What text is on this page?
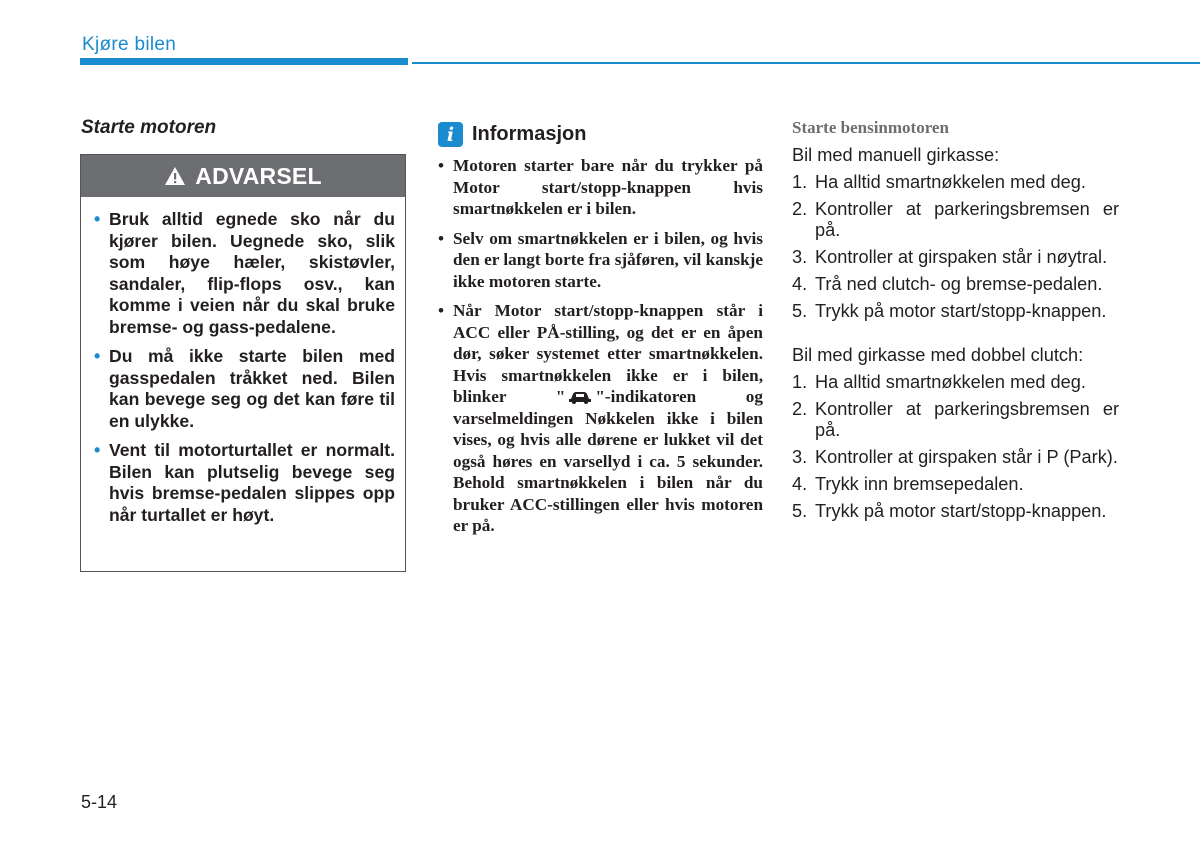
Kjøre bilen
Starte motoren
ADVARSEL
• Bruk alltid egnede sko når du kjører bilen. Uegnede sko, slik som høye hæler, skistøvler, sandaler, flip-flops osv., kan komme i veien når du skal bruke bremse- og gass-pedalene.
• Du må ikke starte bilen med gasspedalen tråkket ned. Bilen kan bevege seg og det kan føre til en ulykke.
• Vent til motorturtallet er normalt. Bilen kan plutselig bevege seg hvis bremse-pedalen slippes opp når turtallet er høyt.
i Informasjon
• Motoren starter bare når du trykker på Motor start/stopp-knappen hvis smartnøkkelen er i bilen.
• Selv om smartnøkkelen er i bilen, og hvis den er langt borte fra sjåføren, vil kanskje ikke motoren starte.
• Når Motor start/stopp-knappen står i ACC eller PÅ-stilling, og det er en åpen dør, søker systemet etter smartnøkkelen. Hvis smartnøkkelen ikke er i bilen, blinker " "-indikatoren og varselmeldingen Nøkkelen ikke i bilen vises, og hvis alle dørene er lukket vil det også høres en varsellyd i ca. 5 sekunder. Behold smartnøkkelen i bilen når du bruker ACC-stillingen eller hvis motoren er på.
Starte bensinmotoren
Bil med manuell girkasse:
1. Ha alltid smartnøkkelen med deg.
2. Kontroller at parkeringsbremsen er på.
3. Kontroller at girspaken står i nøytral.
4. Trå ned clutch- og bremse-pedalen.
5. Trykk på motor start/stopp-knappen.
Bil med girkasse med dobbel clutch:
1. Ha alltid smartnøkkelen med deg.
2. Kontroller at parkeringsbremsen er på.
3. Kontroller at girspaken står i P (Park).
4. Trykk inn bremsepedalen.
5. Trykk på motor start/stopp-knappen.
5-14
